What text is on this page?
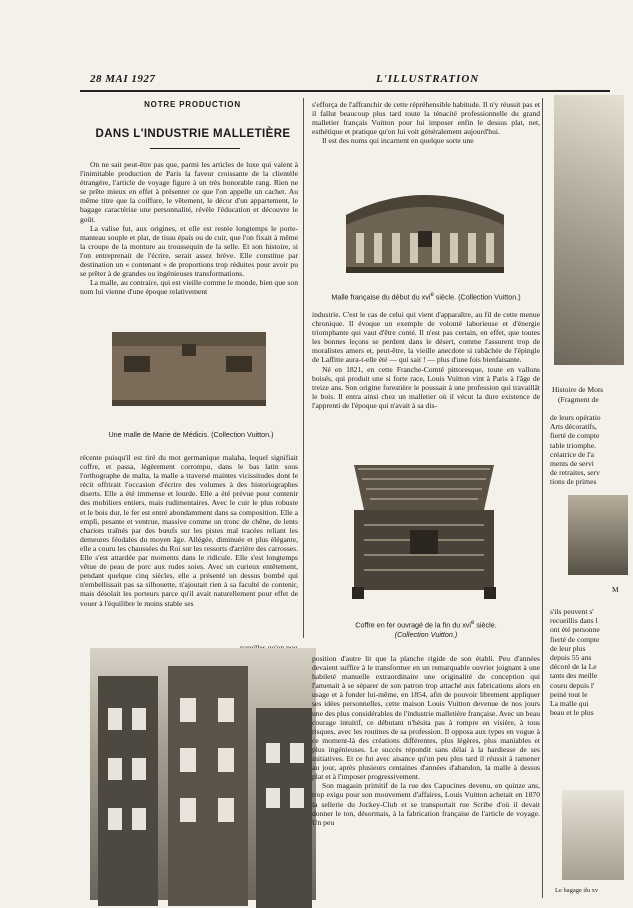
28 MAI 1927	L'ILLUSTRATION
NOTRE PRODUCTION
DANS L'INDUSTRIE MALLETIÈRE

On ne sait peut-être pas que, parmi les articles de luxe qui valent à l'inimitable production de Paris la faveur croissante de la clientèle étrangère, l'article de voyage figure à un très honorable rang. Rien ne se prête mieux en effet à présenter ce que l'on appelle un cachet. Au même titre que la coiffure, le vêtement, le décor d'un appartement, le bagage caractérise une personnalité, révèle l'éducation et découvre le goût.

La valise fut, aux origines, et elle est restée longtemps le porte-manteau souple et plat, de tissu épais ou de cuir, que l'on fixait à même la croupe de la monture au troussequin de la selle. Et son histoire, si l'on entreprenait de l'écrire, serait assez brève. Elle constitue par destination un « contenant » de proportions trop réduites pour avoir pu se prêter à de grandes ou ingénieuses transformations.

La malle, au contraire, qui est vieille comme le monde, bien que son nom lui vienne d'une époque relativement

Une malle de Marie de Médicis. (Collection Vuitton.)

récente puisqu'il est tiré du mot germanique malaha, lequel signifiait coffre, et passa, légèrement corrompu, dans le bas latin sous l'orthographe de malta, la malle a traversé maintes vicissitudes dont le récit offrirait l'occasion d'écrire des volumes à des historiographes diserts. Elle a été immense et lourde. Elle a été prévue pour contenir des mobiliers entiers, mais rudimentaires. Avec le cuir le plus robuste et le bois dur, le fer est entré abondamment dans sa composition. Elle a emplì, pesante et ventrue, massive comme un tronc de chêne, de lents chariots traînés par des bœufs sur les pistes mal tracées reliant les demeures féodales du moyen âge. Allégée, diminuée et plus élégante, elle a couru les chaussées du Roi sur les ressorts d'arrière des carrosses. Elle s'est attardée par moments dans le ridicule. Elle s'est longtemps vêtue de peau de porc aux rudes soies. Avec un curieux entêtement, pendant quelque cinq siècles, elle a présenté un dessus bombé qui n'embellissait pas sa silhouette, n'ajoutait rien à sa faculté de contenir, mais désolait les porteurs parce qu'il avait naturellement pour effet de vouer à l'équilibre le moins stable ses

s'efforça de l'affranchir de cette répréhensible habitude. Il n'y réussit pas et il fallut beaucoup plus tard toute la ténacité professionnelle du grand malletier français Vuitton pour lui imposer enfin le dessus plat, net, esthétique et pratique qu'on lui voit généralement aujourd'hui.

Il est des noms qui incarnent en quelque sorte une

Malle française du début du xvi$^e$ siècle. (Collection Vuitton.)

industrie. C'est le cas de celui qui vient d'apparaître, au fil de cette menue chronique. Il évoque un exemple de volonté laborieuse et d'énergie triomphante qui vaut d'être conté. Il n'est pas certain, en effet, que toutes les bonnes leçons se perdent dans le désert, comme l'assurent trop de moralistes amers et, peut-être, la vieille anecdote si rabâchée de l'épingle de Laffitte aura-t-elle été — qui sait ! — plus d'une fois bienfaisante.

Né en 1821, en cette Franche-Comté pittoresque, toute en vallons boisés, qui produit une si forte race, Louis Vuitton vint à Paris à l'âge de treize ans. Son origine forestière le poussait à une profession qui travaillât le bois. Il entra ainsi chez un malletier où il vécut la dure existence de l'apprenti de l'époque qui n'avait à sa dis-

Coffre en fer ouvragé de la fin du xvi$^e$ siècle.
(Collection Vuitton.)

position d'autre lit que la planche rigide de son établi. Peu d'années devaient suffire à le transformer en un remarquable ouvrier joignant à une habileté manuelle extraordinaire une originalité de conception qui l'amenait à se séparer de son patron trop attaché aux fabrications alors en usage et à fonder lui-même, en 1854, afin de pouvoir librement appliquer ses idées personnelles, cette maison Louis Vuitton devenue de nos jours une des plus considérables de l'industrie malletière française. Avec un beau courage intuitif, ce débutant n'hésita pas à rompre en visière, à tous risques, avec les routines de sa profession. Il opposa aux types en vogue à ce moment-là des créations différentes, plus légères, plus maniables et plus ingénieuses. Le succès répondit sans délai à la hardiesse de ses initiatives. Et ce fut avec aisance qu'un peu plus tard il réussit à ramener au jour, après plusieurs centaines d'années d'abandon, la malle à dessus plat et à l'imposer progressivement.

Son magasin primitif de la rue des Capucines devenu, en quinze ans, trop exigu pour son mouvement d'affaires, Louis Vuitton achetait en 1870 la sellerie du Jockey-Club et se transportait rue Scribe d'où il devait donner le ton, désormais, à la fabrication française de l'article de voyage. Un peu

Histoire de Mots
(Fragment de
de leurs opératio
Arts décoratifs,
fierté de compte
table triomphe.
créatrice de l'a
ments de servi
de retraites, serv
tions de primes
M
s'ils peuvent s'
recueillis dans l
ont été personne
fierté de compte
de leur plus
depuis 55 ans
décoré de la Le
tants des meille
couru depuis l'
peiné tout le
La malle qui
beau et le plus
Le bagage du xv
